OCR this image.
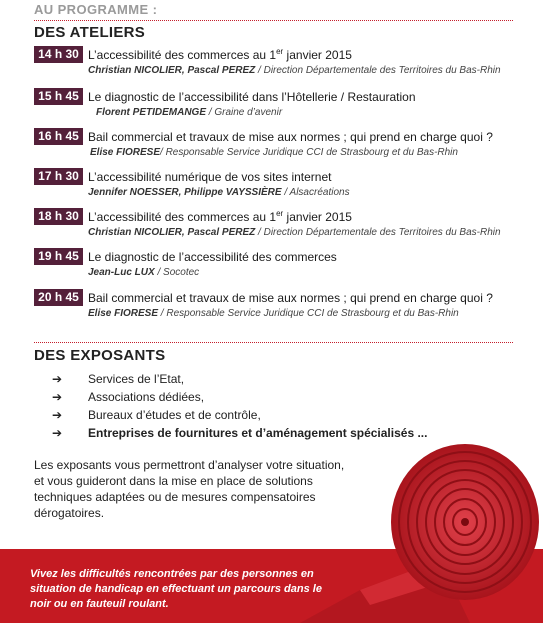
AU PROGRAMME :
DES ATELIERS
14 h 30 L’accessibilité des commerces au 1er janvier 2015
Christian NICOLIER, Pascal PEREZ / Direction Départementale des Territoires du Bas-Rhin
15 h 45 Le diagnostic de l’accessibilité dans l’Hôtellerie / Restauration
Florent PETIDEMANGE / Graine d’avenir
16 h 45 Bail commercial et travaux de mise aux normes ; qui prend en charge quoi ?
Elise FIORESE/ Responsable Service Juridique CCI de Strasbourg et du Bas-Rhin
17 h 30 L’accessibilité numérique de vos sites internet
Jennifer NOESSER, Philippe VAYSSIÈRE / Alsacréations
18 h 30 L’accessibilité des commerces au 1er janvier 2015
Christian NICOLIER, Pascal PEREZ / Direction Départementale des Territoires du Bas-Rhin
19 h 45 Le diagnostic de l’accessibilité des commerces
Jean-Luc LUX / Socotec
20 h 45 Bail commercial et travaux de mise aux normes ; qui prend en charge quoi ?
Elise FIORESE / Responsable Service Juridique CCI de Strasbourg et du Bas-Rhin
DES EXPOSANTS
➔ Services de l’Etat,
➔ Associations dédiées,
➔ Bureaux d’études et de contrôle,
➔ Entreprises de fournitures et d’aménagement spécialisés ...
Les exposants vous permettront d’analyser votre situation, et vous guideront dans la mise en place de solutions techniques adaptées ou de mesures compensatoires dérogatoires.
Vivez les difficultés rencontrées par des personnes en situation de handicap en effectuant un parcours dans le noir ou en fauteuil roulant.
